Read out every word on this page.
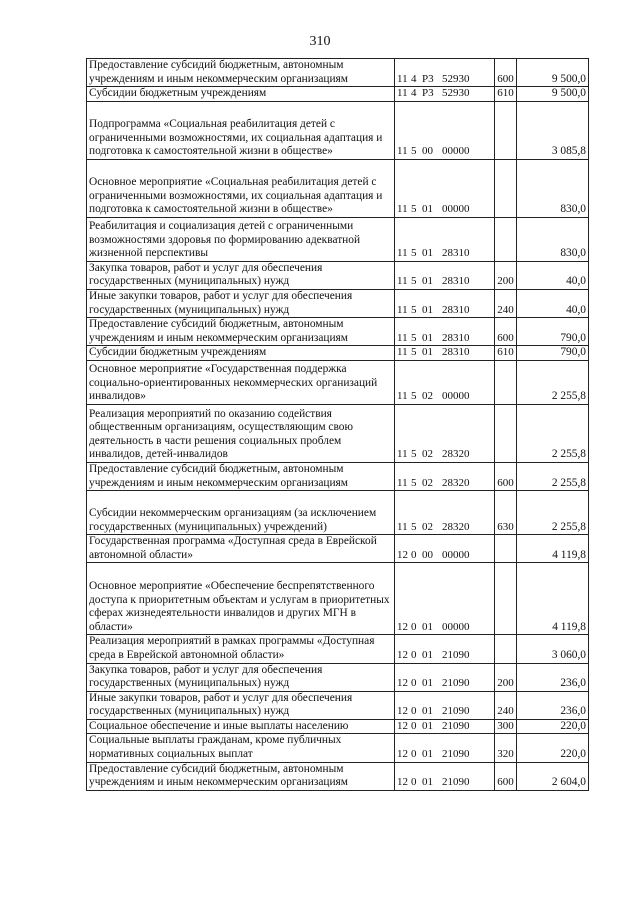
310
Предоставление субсидий бюджетным, автономным учреждениям и иным некоммерческим организациям	11 4 Р3 52930	600	9 500,0
Субсидии бюджетным учреждениям	11 4 Р3 52930	610	9 500,0
Подпрограмма «Социальная реабилитация детей с ограниченными возможностями, их социальная адаптация и подготовка к самостоятельной жизни в обществе»	11 5 00 00000		3 085,8
Основное мероприятие «Социальная реабилитация детей с ограниченными возможностями, их социальная адаптация и подготовка к самостоятельной жизни в обществе»	11 5 01 00000		830,0
Реабилитация и социализация детей с ограниченными возможностями здоровья по формированию адекватной жизненной перспективы	11 5 01 28310		830,0
Закупка товаров, работ и услуг для обеспечения государственных (муниципальных) нужд	11 5 01 28310	200	40,0
Иные закупки товаров, работ и услуг для обеспечения государственных (муниципальных) нужд	11 5 01 28310	240	40,0
Предоставление субсидий бюджетным, автономным учреждениям и иным некоммерческим организациям	11 5 01 28310	600	790,0
Субсидии бюджетным учреждениям	11 5 01 28310	610	790,0
Основное мероприятие «Государственная поддержка социально-ориентированных некоммерческих организаций инвалидов»	11 5 02 00000		2 255,8
Реализация мероприятий по оказанию содействия общественным организациям, осуществляющим свою деятельность в части решения социальных проблем инвалидов, детей-инвалидов	11 5 02 28320		2 255,8
Предоставление субсидий бюджетным, автономным учреждениям и иным некоммерческим организациям	11 5 02 28320	600	2 255,8
Субсидии некоммерческим организациям (за исключением государственных (муниципальных) учреждений)	11 5 02 28320	630	2 255,8
Государственная программа «Доступная среда в Еврейской автономной области»	12 0 00 00000		4 119,8
Основное мероприятие «Обеспечение беспрепятственного доступа к приоритетным объектам и услугам в приоритетных сферах жизнедеятельности инвалидов и других МГН в области»	12 0 01 00000		4 119,8
Реализация мероприятий в рамках программы «Доступная среда в Еврейской автономной области»	12 0 01 21090		3 060,0
Закупка товаров, работ и услуг для обеспечения государственных (муниципальных) нужд	12 0 01 21090	200	236,0
Иные закупки товаров, работ и услуг для обеспечения государственных (муниципальных) нужд	12 0 01 21090	240	236,0
Социальное обеспечение и иные выплаты населению	12 0 01 21090	300	220,0
Социальные выплаты гражданам, кроме публичных нормативных социальных выплат	12 0 01 21090	320	220,0
Предоставление субсидий бюджетным, автономным учреждениям и иным некоммерческим организациям	12 0 01 21090	600	2 604,0
